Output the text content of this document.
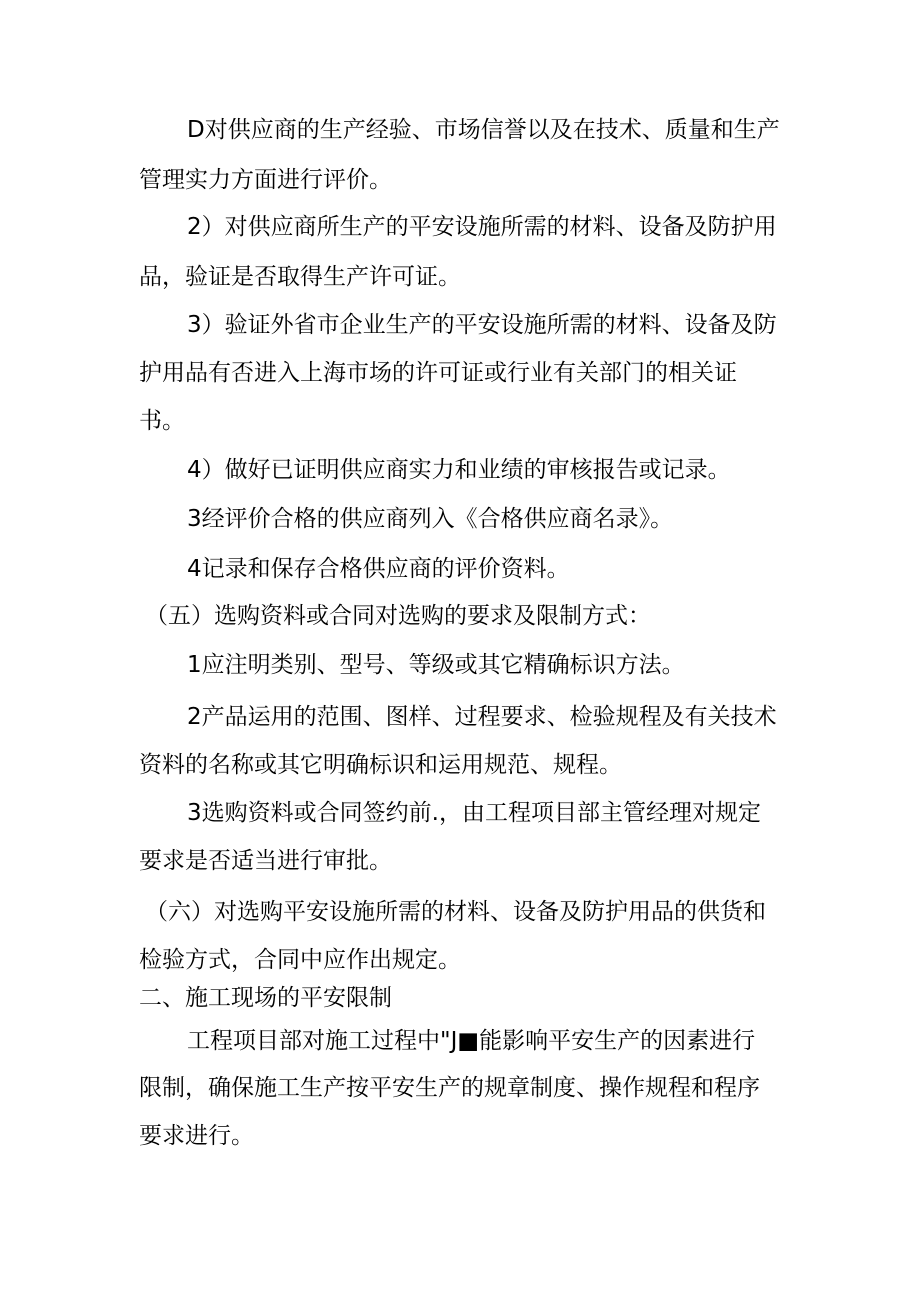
D对供应商的生产经验、市场信誉以及在技术、质量和生产
管理实力方面进行评价。
2）对供应商所生产的平安设施所需的材料、设备及防护用
品，验证是否取得生产许可证。
3）验证外省市企业生产的平安设施所需的材料、设备及防
护用品有否进入上海市场的许可证或行业有关部门的相关证
书。
4）做好已证明供应商实力和业绩的审核报告或记录。
3经评价合格的供应商列入《合格供应商名录》。
4记录和保存合格供应商的评价资料。
（五）选购资料或合同对选购的要求及限制方式：
1应注明类别、型号、等级或其它精确标识方法。
2产品运用的范围、图样、过程要求、检验规程及有关技术
资料的名称或其它明确标识和运用规范、规程。
3选购资料或合同签约前.，由工程项目部主管经理对规定
要求是否适当进行审批。
（六）对选购平安设施所需的材料、设备及防护用品的供货和
检验方式，合同中应作出规定。
二、施工现场的平安限制
工程项目部对施工过程中"J■能影响平安生产的因素进行
限制，确保施工生产按平安生产的规章制度、操作规程和程序
要求进行。
